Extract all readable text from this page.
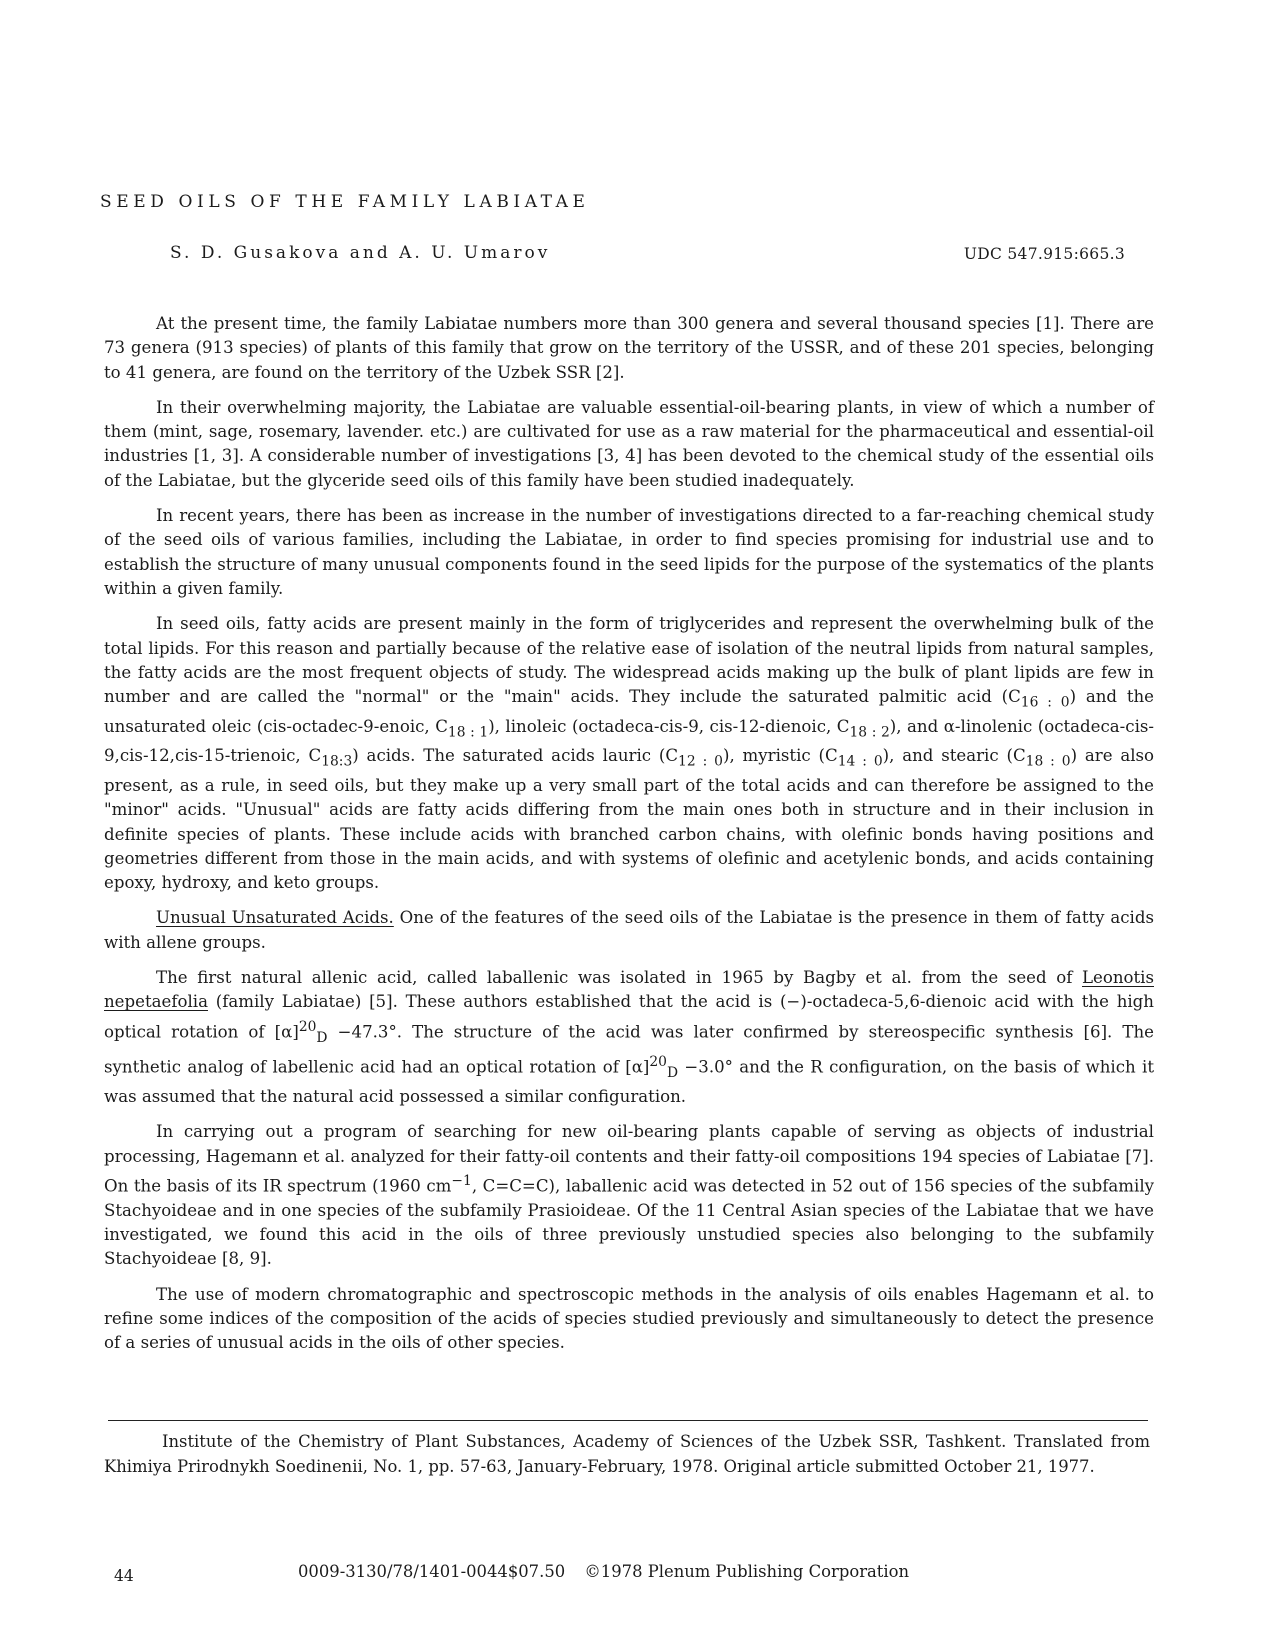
SEED OILS OF THE FAMILY LABIATAE
S. D. Gusakova and A. U. Umarov	UDC 547.915:665.3

At the present time, the family Labiatae numbers more than 300 genera and several thousand species [1]. There are 73 genera (913 species) of plants of this family that grow on the territory of the USSR, and of these 201 species, belonging to 41 genera, are found on the territory of the Uzbek SSR [2].

In their overwhelming majority, the Labiatae are valuable essential-oil-bearing plants, in view of which a number of them (mint, sage, rosemary, lavender. etc.) are cultivated for use as a raw material for the pharmaceutical and essential-oil industries [1, 3]. A considerable number of investigations [3, 4] has been devoted to the chemical study of the essential oils of the Labiatae, but the glyceride seed oils of this family have been studied inadequately.

In recent years, there has been as increase in the number of investigations directed to a far-reaching chemical study of the seed oils of various families, including the Labiatae, in order to find species promising for industrial use and to establish the structure of many unusual components found in the seed lipids for the purpose of the systematics of the plants within a given family.

In seed oils, fatty acids are present mainly in the form of triglycerides and represent the overwhelming bulk of the total lipids. For this reason and partially because of the relative ease of isolation of the neutral lipids from natural samples, the fatty acids are the most frequent objects of study. The widespread acids making up the bulk of plant lipids are few in number and are called the "normal" or the "main" acids. They include the saturated palmitic acid $(C_{16 : 0})$ and the unsaturated oleic (cis-octadec-9-enoic, $C_{18 : 1}$), linoleic (octadeca-cis-9, cis-12-dienoic, $C_{18 : 2}$), and α-linolenic (octadeca-cis-9,cis-12,cis-15-trienoic, $C_{18:3}$) acids. The saturated acids lauric $(C_{12 : 0})$, myristic $(C_{14 : 0})$, and stearic $(C_{18 : 0})$ are also present, as a rule, in seed oils, but they make up a very small part of the total acids and can therefore be assigned to the "minor" acids. "Unusual" acids are fatty acids differing from the main ones both in structure and in their inclusion in definite species of plants. These include acids with branched carbon chains, with olefinic bonds having positions and geometries different from those in the main acids, and with systems of olefinic and acetylenic bonds, and acids containing epoxy, hydroxy, and keto groups.

Unusual Unsaturated Acids. One of the features of the seed oils of the Labiatae is the presence in them of fatty acids with allene groups.

The first natural allenic acid, called laballenic was isolated in 1965 by Bagby et al. from the seed of Leonotis nepetaefolia (family Labiatae) [5]. These authors established that the acid is (−)-octadeca-5,6-dienoic acid with the high optical rotation of $[\alpha]^{20}_D -47.3^\circ$. The structure of the acid was later confirmed by stereospecific synthesis [6]. The synthetic analog of labellenic acid had an optical rotation of $[\alpha]^{20}_D -3.0^\circ$ and the R configuration, on the basis of which it was assumed that the natural acid possessed a similar configuration.

In carrying out a program of searching for new oil-bearing plants capable of serving as objects of industrial processing, Hagemann et al. analyzed for their fatty-oil contents and their fatty-oil compositions 194 species of Labiatae [7]. On the basis of its IR spectrum (1960 $cm^{-1}$, C=C=C), laballenic acid was detected in 52 out of 156 species of the subfamily Stachyoideae and in one species of the subfamily Prasioideae. Of the 11 Central Asian species of the Labiatae that we have investigated, we found this acid in the oils of three previously unstudied species also belonging to the subfamily Stachyoideae [8, 9].

The use of modern chromatographic and spectroscopic methods in the analysis of oils enables Hagemann et al. to refine some indices of the composition of the acids of species studied previously and simultaneously to detect the presence of a series of unusual acids in the oils of other species.

Institute of the Chemistry of Plant Substances, Academy of Sciences of the Uzbek SSR, Tashkent. Translated from Khimiya Prirodnykh Soedinenii, No. 1, pp. 57-63, January-February, 1978. Original article submitted October 21, 1977.

44	0009-3130/78/1401-0044$07.50 ©1978 Plenum Publishing Corporation
